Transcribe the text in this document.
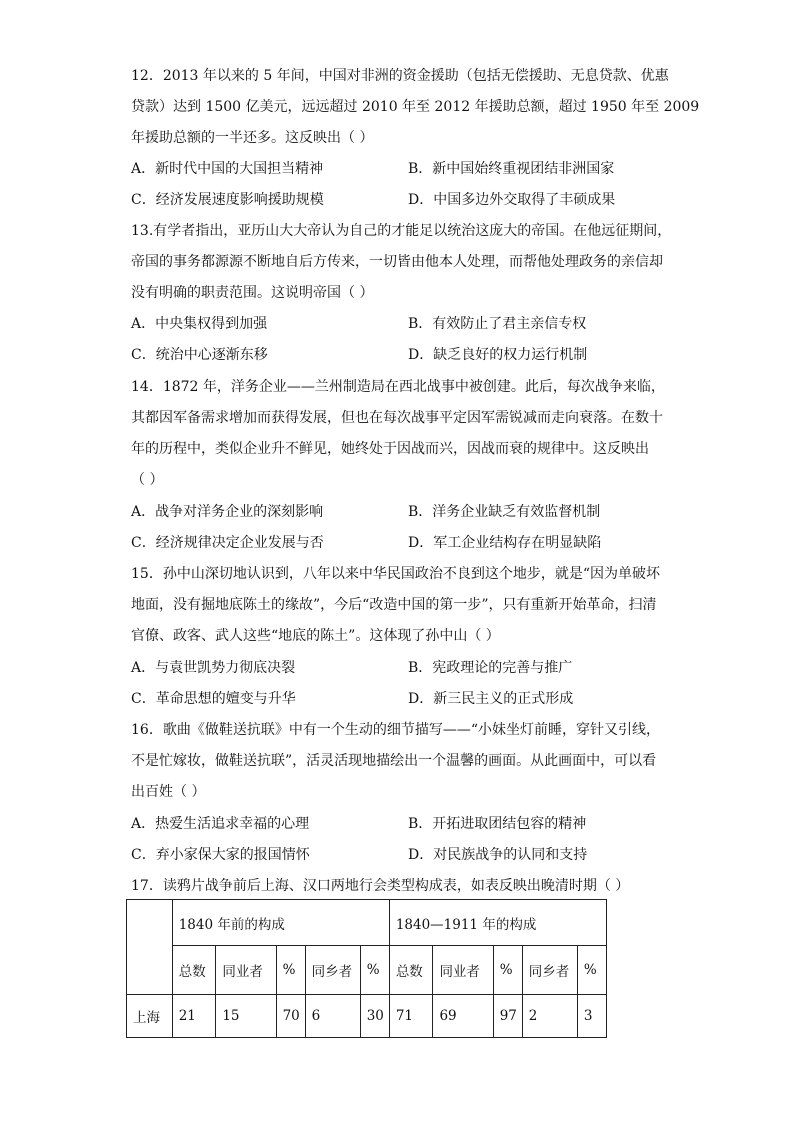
12．2013 年以来的 5 年间，中国对非洲的资金援助（包括无偿援助、无息贷款、优惠
贷款）达到 1500 亿美元，远远超过 2010 年至 2012 年援助总额，超过 1950 年至 2009
年援助总额的一半还多。这反映出（ ）
A．新时代中国的大国担当精神	B．新中国始终重视团结非洲国家
C．经济发展速度影响援助规模	D．中国多边外交取得了丰硕成果
13.有学者指出，亚历山大大帝认为自己的才能足以统治这庞大的帝国。在他远征期间，
帝国的事务都源源不断地自后方传来，一切皆由他本人处理，而帮他处理政务的亲信却
没有明确的职责范围。这说明帝国（ ）
A．中央集权得到加强	B．有效防止了君主亲信专权
C．统治中心逐渐东移	D．缺乏良好的权力运行机制
14．1872 年，洋务企业——兰州制造局在西北战事中被创建。此后，每次战争来临，
其都因军备需求增加而获得发展，但也在每次战事平定因军需锐减而走向衰落。在数十
年的历程中，类似企业升不鲜见，她终处于因战而兴，因战而衰的规律中。这反映出
（ ）
A．战争对洋务企业的深刻影响	B．洋务企业缺乏有效监督机制
C．经济规律决定企业发展与否	D．军工企业结构存在明显缺陷
15．孙中山深切地认识到，八年以来中华民国政治不良到这个地步，就是“因为单破坏
地面，没有掘地底陈土的缘故”，今后“改造中国的第一步”，只有重新开始革命，扫清
官僚、政客、武人这些“地底的陈土”。这体现了孙中山（ ）
A．与袁世凯势力彻底决裂	B．宪政理论的完善与推广
C．革命思想的嬗变与升华	D．新三民主义的正式形成
16．歌曲《做鞋送抗联》中有一个生动的细节描写——“小妹坐灯前睡，穿针又引线，
不是忙嫁妆，做鞋送抗联”，活灵活现地描绘出一个温馨的画面。从此画面中，可以看
出百姓（ ）
A．热爱生活追求幸福的心理	B．开拓进取团结包容的精神
C．弃小家保大家的报国情怀	D．对民族战争的认同和支持
17．读鸦片战争前后上海、汉口两地行会类型构成表，如表反映出晚清时期（ ）
	1840 年前的构成					1840—1911 年的构成				
	总数	同业者	%	同乡者	%	总数	同业者	%	同乡者	%
上海	21	15	70	6	30	71	69	97	2	3
